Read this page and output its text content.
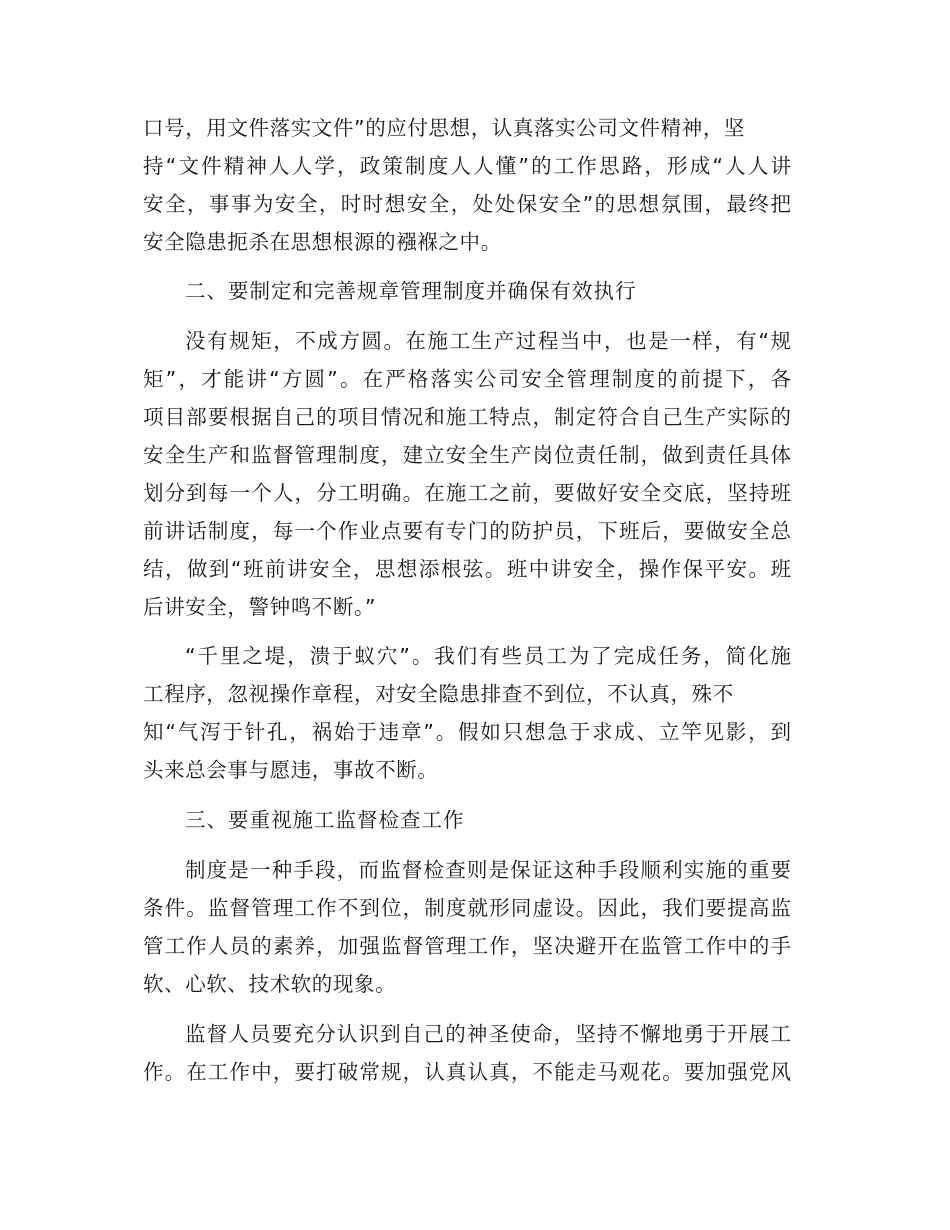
口号，用文件落实文件”的应付思想，认真落实公司文件精神，坚
持“文件精神人人学，政策制度人人懂”的工作思路，形成“人人讲
安全，事事为安全，时时想安全，处处保安全”的思想氛围，最终把
安全隐患扼杀在思想根源的襁褓之中。
二、要制定和完善规章管理制度并确保有效执行
没有规矩，不成方圆。在施工生产过程当中，也是一样，有“规
矩”，才能讲“方圆”。在严格落实公司安全管理制度的前提下，各
项目部要根据自己的项目情况和施工特点，制定符合自己生产实际的
安全生产和监督管理制度，建立安全生产岗位责任制，做到责任具体
划分到每一个人，分工明确。在施工之前，要做好安全交底，坚持班
前讲话制度，每一个作业点要有专门的防护员，下班后，要做安全总
结，做到“班前讲安全，思想添根弦。班中讲安全，操作保平安。班
后讲安全，警钟鸣不断。”
“千里之堤，溃于蚁穴”。我们有些员工为了完成任务，简化施
工程序，忽视操作章程，对安全隐患排查不到位，不认真，殊不
知“气泻于针孔，祸始于违章”。假如只想急于求成、立竿见影，到
头来总会事与愿违，事故不断。
三、要重视施工监督检查工作
制度是一种手段，而监督检查则是保证这种手段顺利实施的重要
条件。监督管理工作不到位，制度就形同虚设。因此，我们要提高监
管工作人员的素养，加强监督管理工作，坚决避开在监管工作中的手
软、心软、技术软的现象。
监督人员要充分认识到自己的神圣使命，坚持不懈地勇于开展工
作。在工作中，要打破常规，认真认真，不能走马观花。要加强党风
